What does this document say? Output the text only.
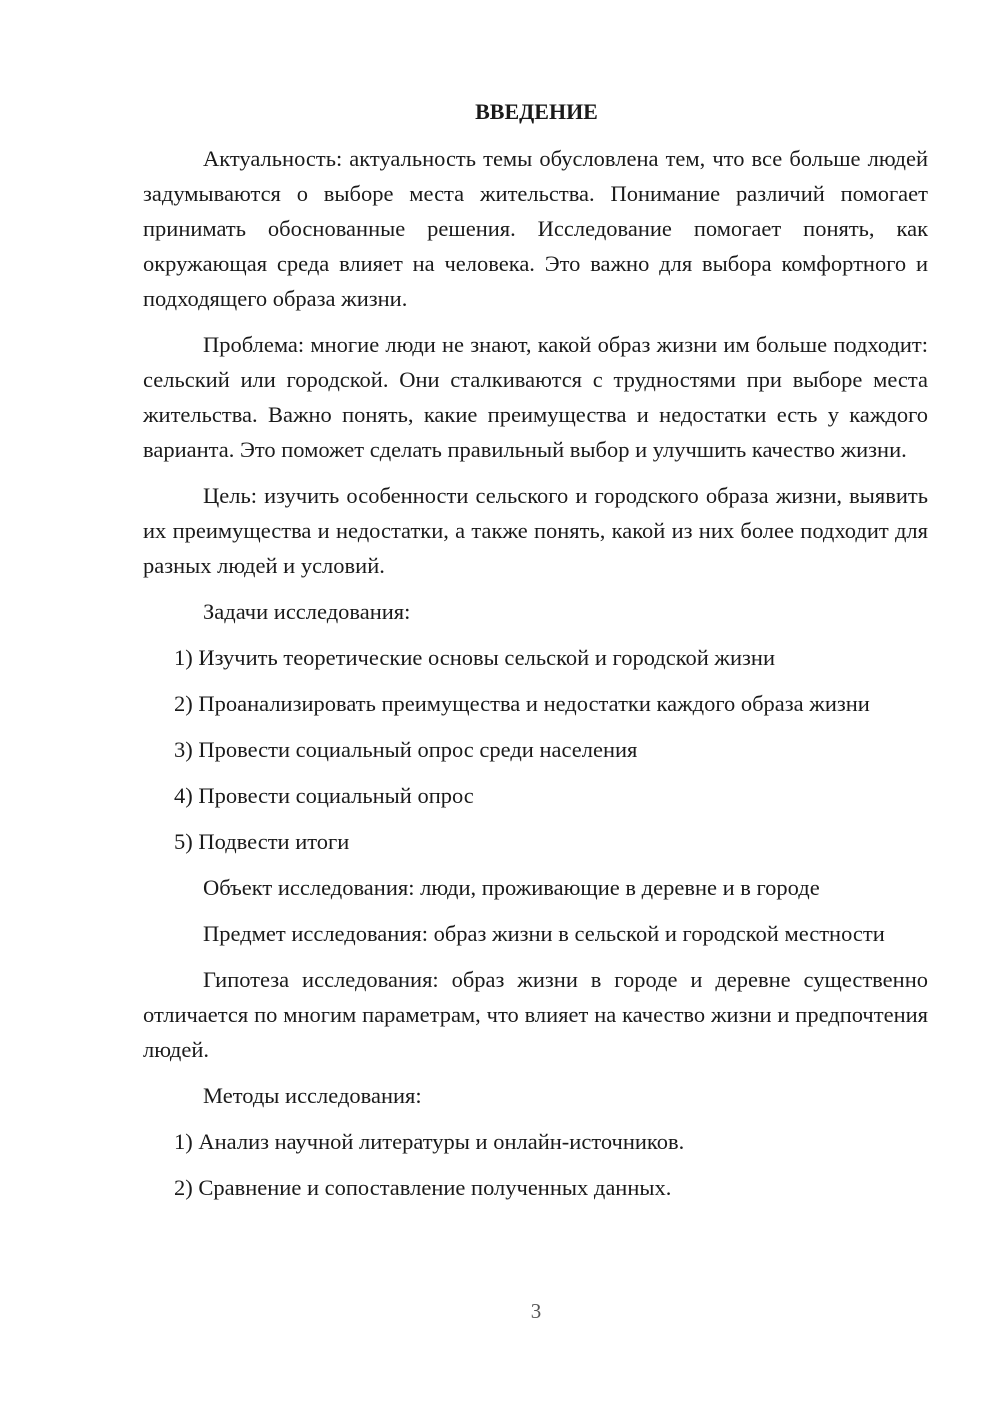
ВВЕДЕНИЕ

Актуальность: актуальность темы обусловлена тем, что все больше людей задумываются о выборе места жительства. Понимание различий помогает принимать обоснованные решения. Исследование помогает понять, как окружающая среда влияет на человека. Это важно для выбора комфортного и подходящего образа жизни.

Проблема: многие люди не знают, какой образ жизни им больше подходит: сельский или городской. Они сталкиваются с трудностями при выборе места жительства. Важно понять, какие преимущества и недостатки есть у каждого варианта. Это поможет сделать правильный выбор и улучшить качество жизни.

Цель: изучить особенности сельского и городского образа жизни, выявить их преимущества и недостатки, а также понять, какой из них более подходит для разных людей и условий.

Задачи исследования:

1) Изучить теоретические основы сельской и городской жизни

2) Проанализировать преимущества и недостатки каждого образа жизни

3) Провести социальный опрос среди населения

4) Провести социальный опрос

5) Подвести итоги

Объект исследования: люди, проживающие в деревне и в городе

Предмет исследования: образ жизни в сельской и городской местности

Гипотеза исследования: образ жизни в городе и деревне существенно отличается по многим параметрам, что влияет на качество жизни и предпочтения людей.

Методы исследования:

1) Анализ научной литературы и онлайн-источников.

2) Сравнение и сопоставление полученных данных.

3
